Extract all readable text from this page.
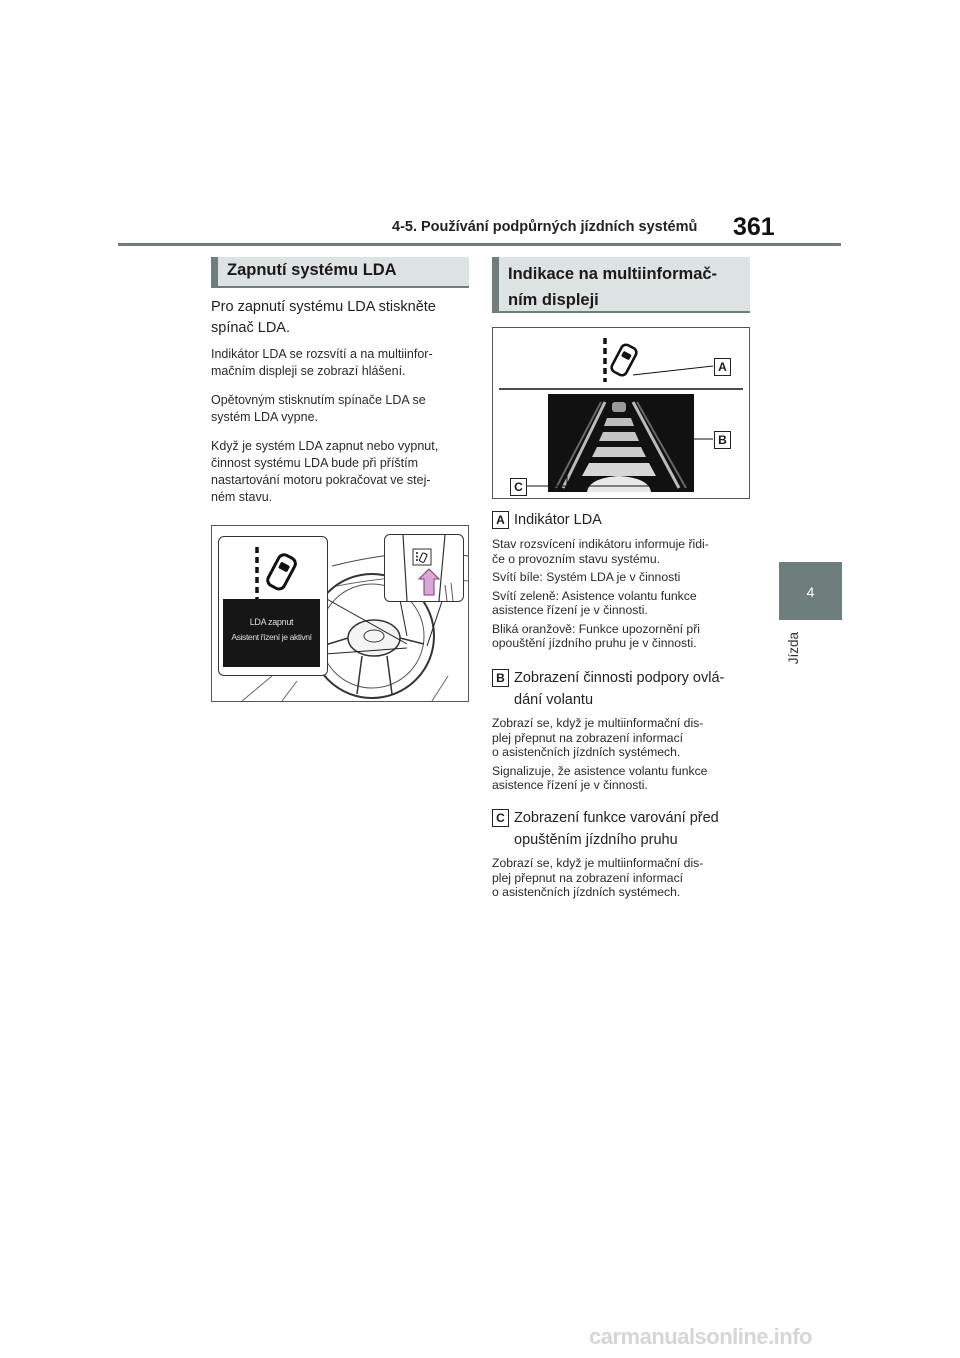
4-5. Používání podpůrných jízdních systémů 361
4
Jízda
Zapnutí systému LDA
Pro zapnutí systému LDA stiskněte
spínač LDA.
Indikátor LDA se rozsvítí a na multiinfor-
mačním displeji se zobrazí hlášení.
Opětovným stisknutím spínače LDA se
systém LDA vypne.
Když je systém LDA zapnut nebo vypnut,
činnost systému LDA bude při příštím
nastartování motoru pokračovat ve stej-
ném stavu.
LDA zapnut
Asistent řízení je aktivní
Indikace na multiinformač-
ním displeji
A
B
C
A Indikátor LDA
Stav rozsvícení indikátoru informuje řidi-
če o provozním stavu systému.
Svítí bíle: Systém LDA je v činnosti
Svítí zeleně: Asistence volantu funkce
asistence řízení je v činnosti.
Bliká oranžově: Funkce upozornění při
opouštění jízdního pruhu je v činnosti.
B Zobrazení činnosti podpory ovlá-
dání volantu
Zobrazí se, když je multiinformační dis-
plej přepnut na zobrazení informací
o asistenčních jízdních systémech.
Signalizuje, že asistence volantu funkce
asistence řízení je v činnosti.
C Zobrazení funkce varování před
opuštěním jízdního pruhu
Zobrazí se, když je multiinformační dis-
plej přepnut na zobrazení informací
o asistenčních jízdních systémech.
carmanualsonline.info
